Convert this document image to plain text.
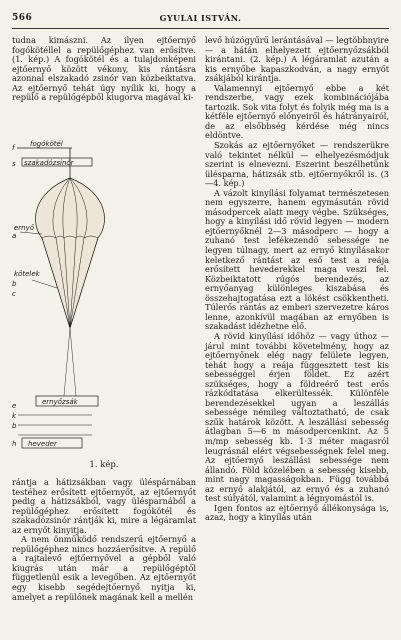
566	GYULAI ISTVÁN.

tudna kimászni. Az ilyen ejtőernyő fogókötéllel a repülőgéphez van erősítve. (1. kép.) A fogókötél és a tulajdonképeni ejtőernyő között vékony, kis rántásra azonnal elszakadó zsinór van közbeiktatva. Az ejtőernyő tehát úgy nyílik ki, hogy a repülő a repülőgépből kiugorva magával ki-

fogókötél
f
szakadózsinór
s
ernyő
a
kötelek
b
c
ernyőzsák
e
k
b
heveder
h
1. kép.

rántja a hátizsákban vagy üléspárnában testéhez erősített ejtőernyőt, az ejtőernyőt pedig a hátizsákból, vagy ülésparnából a repülőgéphez erősített fogókötél és szakadózsinór rántják ki, mire a légáramlat az ernyőt kinyitja.

A nem önműködő rendszerű ejtőernyő a repülőgéphez nincs hozzáerősítve. A repülő a rajtalevő ejtőernyővel a gépből való kiugrás után már a repülőgéptől függetlenül esik a levegőben. Az ejtőernyőt egy kisebb segédejtőernyő nyitja ki, amelyet a repülőnek magának kell a mellén

levő húzógyűrű lerántásával — legtöbbnyire — a hátán elhelyezett ejtőernyőzsákból kirántani. (2. kép.) A légáramlat azután a kis ernyőbe kapaszkodván, a nagy ernyőt zsákjából kirántja.

Valamennyi ejtőernyő ebbe a két rendszerbe, vagy ezek kombinációjába tartozik. Sok vita folyt és folyik még ma is a kétféle ejtőernyő előnyeiről és hátrányairól, de az elsőbbség kérdése még nincs eldöntve.

Szokás az ejtőernyőket — rendszerükre való tekintet nélkül — elhelyezésmódjuk szerint is elnevezni. Eszerint beszélhetünk ülésparna, hátizsák stb. ejtőernyőkről is. (3—4. kép.)

A vázolt kinyílási folyamat természetesen nem egyszerre, hanem egymásután rövid másodpercek alatt megy végbe. Szükséges, hogy a kinyílási idő rövid legyen — modern ejtőernyőknél 2—3 másodperc — hogy a zuhanó test lefékezendő sebessége ne legyen túlnagy, mert az ernyő kinyílásakor keletkező rántást az eső test a reája erősített hevederekkel maga veszi fel. Közbeiktatott rúgós berendezés, az ernyőanyag különleges kiszabása és összehajtogatása ezt a lökést csökkentheti. Túlerős rántás az emberi szervezetre káros lenne, azonkívül magában az ernyőben is szakadást idézhetne elő.

A rövid kinyílási időhöz — vagy úthoz — járul mint további követelmény, hogy az ejtőernyőnek elég nagy felülete legyen, tehát hogy a reája függesztett test kis sebességgel érjen földet. Ez azért szükséges, hogy a földreérő test erős rázkódtatása elkerültessék. Különféle berendezésekkel ugyan a leszállás sebessége némileg változtatható, de csak szűk határok között. A leszállási sebesség átlagban 5—6 m másodpercenkint. Az 5 m/mp sebesség kb. 1·3 méter magasról leugrásnál elért végsebességnek felel meg. Az ejtőernyő leszállási sebessége nem állandó. Föld közelében a sebesség kisebb, mint nagy magasságokban. Függ továbbá az ernyő alakjától, az ernyő és a zuhanó test súlyától, valamint a légnyomástól is.

Igen fontos az ejtőernyő állékonysága is, azaz, hogy a kinyílás után
